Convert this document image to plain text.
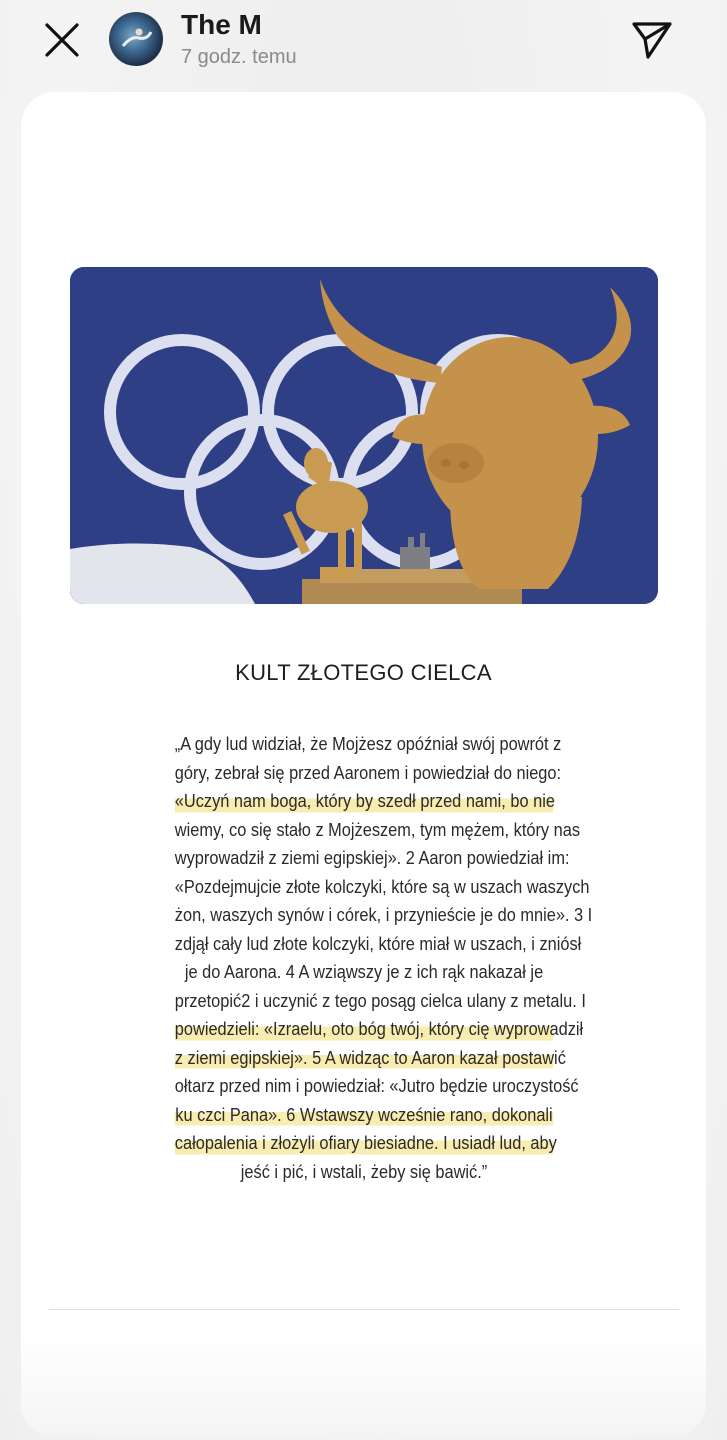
The M
7 godz. temu
KULT ZŁOTEGO CIELCA
„A gdy lud widział, że Mojżesz opóźniał swój powrót z
góry, zebrał się przed Aaronem i powiedział do niego:
«Uczyń nam boga, który by szedł przed nami, bo nie
wiemy, co się stało z Mojżeszem, tym mężem, który nas
wyprowadził z ziemi egipskiej». 2 Aaron powiedział im:
«Pozdejmujcie złote kolczyki, które są w uszach waszych
żon, waszych synów i córek, i przynieście je do mnie». 3 I
zdjął cały lud złote kolczyki, które miał w uszach, i zniósł
je do Aarona. 4 A wziąwszy je z ich rąk nakazał je
przetopić2 i uczynić z tego posąg cielca ulany z metalu. I
powiedzieli: «Izraelu, oto bóg twój, który cię wyprowadził
z ziemi egipskiej». 5 A widząc to Aaron kazał postawić
ołtarz przed nim i powiedział: «Jutro będzie uroczystość
ku czci Pana». 6 Wstawszy wcześnie rano, dokonali
całopalenia i złożyli ofiary biesiadne. I usiadł lud, aby
jeść i pić, i wstali, żeby się bawić.”
